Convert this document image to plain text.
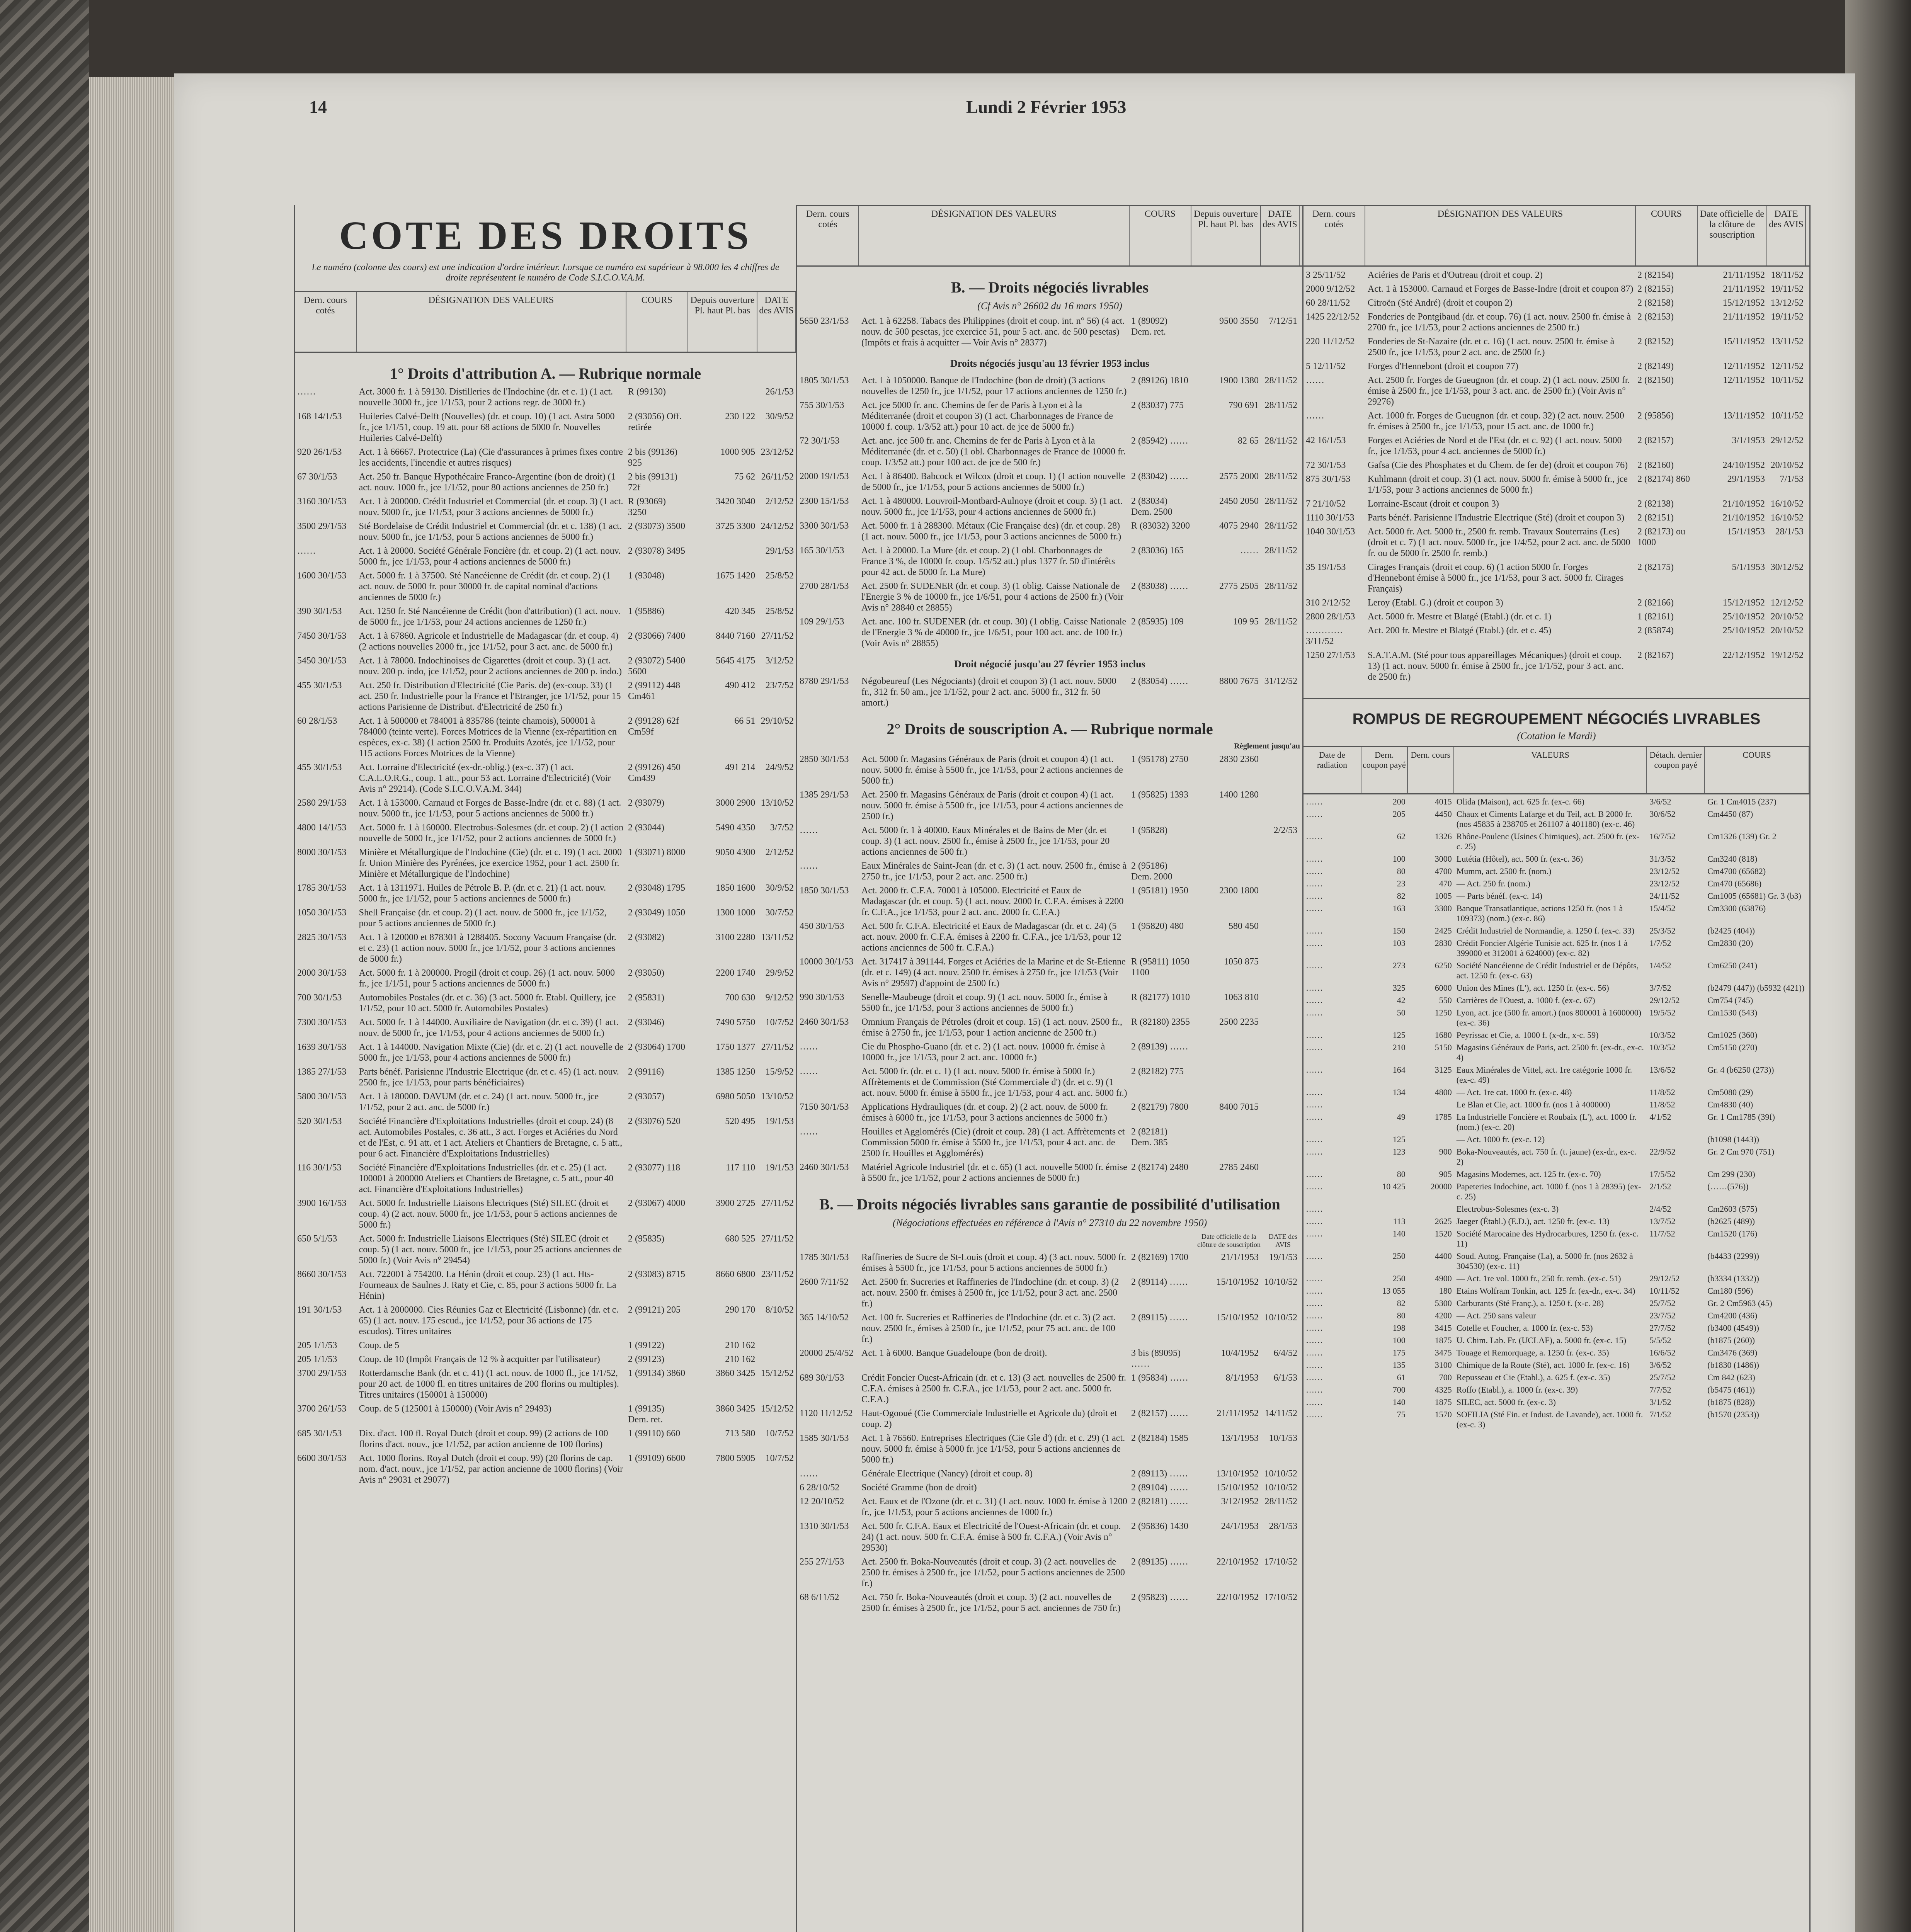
14	Lundi 2 Février 1953
COTE DES DROITS
Le numéro (colonne des cours) est une indication d'ordre intérieur. Lorsque ce numéro est supérieur à 98.000 les 4 chiffres de droite représentent le numéro de Code S.I.C.O.V.A.M.
Dern. cours cotés
DÉSIGNATION DES VALEURS	COURS	Depuis ouverture Pl. haut Pl. bas
DATE des AVIS
1° Droits d'attribution A. — Rubrique normale
……	Act. 3000 fr. 1 à 59130. Distilleries de l'Indochine (dr. et c. 1) (1 act. nouvelle 3000 fr., jce 1/1/53, pour 2 actions regr. de 3000 fr.)
R (99130)	26/1/53
168 14/1/53	Huileries Calvé-Delft (Nouvelles) (dr. et coup. 10) (1 act. Astra 5000 fr., jce 1/1/51, coup. 19 att. pour 68 actions de 5000 fr. Nouvelles Huileries Calvé-Delft)
2 (93056) Off. retirée
230 122	30/9/52
920 26/1/53	Act. 1 à 66667. Protectrice (La) (Cie d'assurances à primes fixes contre les accidents, l'incendie et autres risques)
2 bis (99136) 925
1000 905 23/12/52
67 30/1/53	Act. 250 fr. Banque Hypothécaire Franco-Argentine (bon de droit) (1 act. nouv. 1000 fr., jce 1/1/52, pour 80 actions anciennes de 250 fr.)
2 bis (99131) 72f
75 62 26/11/52
3160 30/1/53	Act. 1 à 200000. Crédit Industriel et Commercial (dr. et coup. 3) (1 act. nouv. 5000 fr., jce 1/1/53, pour 3 actions anciennes de 5000 fr.)
R (93069) 3250
3420 3040	2/12/52
3500 29/1/53	Sté Bordelaise de Crédit Industriel et Commercial (dr. et c. 138) (1 act. nouv. 5000 fr., jce 1/1/53, pour 5 actions anciennes de 5000 fr.)
2 (93073) 3500	3725 3300 24/12/52
……	Act. 1 à 20000. Société Générale Foncière (dr. et coup. 2) (1 act. nouv. 5000 fr., jce 1/1/53, pour 4 actions anciennes de 5000 fr.)
2 (93078) 3495	29/1/53
1600 30/1/53	Act. 5000 fr. 1 à 37500. Sté Nancéienne de Crédit (dr. et coup. 2) (1 act. nouv. de 5000 fr. pour 30000 fr. de capital nominal d'actions anciennes de 5000 fr.)
1 (93048)	1675 1420	25/8/52
390 30/1/53	Act. 1250 fr. Sté Nancéienne de Crédit (bon d'attribution) (1 act. nouv. de 5000 fr., jce 1/1/53, pour 24 actions anciennes de 1250 fr.)
1 (95886)	420 345	25/8/52
7450 30/1/53	Act. 1 à 67860. Agricole et Industrielle de Madagascar (dr. et coup. 4) (2 actions nouvelles 2000 fr., jce 1/1/52, pour 3 act. anc. de 5000 fr.)
2 (93066) 7400	8440 7160 27/11/52
5450 30/1/53	Act. 1 à 78000. Indochinoises de Cigarettes (droit et coup. 3) (1 act. nouv. 200 p. indo, jce 1/1/52, pour 2 actions anciennes de 200 p. indo.)
2 (93072) 5400 5600
5645 4175	3/12/52
455 30/1/53	Act. 250 fr. Distribution d'Electricité (Cie Paris. de) (ex-coup. 33) (1 act. 250 fr. Industrielle pour la France et l'Etranger, jce 1/1/52, pour 15 actions Parisienne de Distribut. d'Electricité de 250 fr.)
2 (99112) 448 Cm461
490 412	23/7/52
60 28/1/53	Act. 1 à 500000 et 784001 à 835786 (teinte chamois), 500001 à 784000 (teinte verte). Forces Motrices de la Vienne (ex-répartition en espèces, ex-c. 38) (1 action 2500 fr. Produits Azotés, jce 1/1/52, pour 115 actions Forces Motrices de la Vienne)
2 (99128) 62f Cm59f
66 51 29/10/52
455 30/1/53	Act. Lorraine d'Electricité (ex-dr.-oblig.) (ex-c. 37) (1 act. C.A.L.O.R.G., coup. 1 att., pour 53 act. Lorraine d'Electricité) (Voir Avis n° 29214). (Code S.I.C.O.V.A.M. 344)
2 (99126) 450 Cm439
491 214	24/9/52
2580 29/1/53	Act. 1 à 153000. Carnaud et Forges de Basse-Indre (dr. et c. 88) (1 act. nouv. 5000 fr., jce 1/1/53, pour 5 actions anciennes de 5000 fr.)
2 (93079)	3000 2900 13/10/52
4800 14/1/53	Act. 5000 fr. 1 à 160000. Electrobus-Solesmes (dr. et coup. 2) (1 action nouvelle de 5000 fr., jce 1/1/52, pour 2 actions anciennes de 5000 fr.)
2 (93044)	5490 4350	3/7/52
8000 30/1/53	Minière et Métallurgique de l'Indochine (Cie) (dr. et c. 19) (1 act. 2000 fr. Union Minière des Pyrénées, jce exercice 1952, pour 1 act. 2500 fr. Minière et Métallurgique de l'Indochine)
1 (93071) 8000	9050 4300	2/12/52
1785 30/1/53	Act. 1 à 1311971. Huiles de Pétrole B. P. (dr. et c. 21) (1 act. nouv. 5000 fr., jce 1/1/52, pour 5 actions anciennes de 5000 fr.)
2 (93048) 1795	1850 1600	30/9/52
1050 30/1/53	Shell Française (dr. et coup. 2) (1 act. nouv. de 5000 fr., jce 1/1/52, pour 5 actions anciennes de 5000 fr.)
2 (93049) 1050	1300 1000	30/7/52
2825 30/1/53	Act. 1 à 120000 et 878301 à 1288405. Socony Vacuum Française (dr. et c. 23) (1 action nouv. 5000 fr., jce 1/1/52, pour 3 actions anciennes de 5000 fr.)
2 (93082)	3100 2280 13/11/52
2000 30/1/53	Act. 5000 fr. 1 à 200000. Progil (droit et coup. 26) (1 act. nouv. 5000 fr., jce 1/1/51, pour 5 actions anciennes de 5000 fr.)
2 (93050)	2200 1740	29/9/52
700 30/1/53	Automobiles Postales (dr. et c. 36) (3 act. 5000 fr. Etabl. Quillery, jce 1/1/52, pour 10 act. 5000 fr. Automobiles Postales)
2 (95831)	700 630	9/12/52
7300 30/1/53	Act. 5000 fr. 1 à 144000. Auxiliaire de Navigation (dr. et c. 39) (1 act. nouv. de 5000 fr., jce 1/1/53, pour 4 actions anciennes de 5000 fr.)
2 (93046)	7490 5750	10/7/52
1639 30/1/53	Act. 1 à 144000. Navigation Mixte (Cie) (dr. et c. 2) (1 act. nouvelle de 5000 fr., jce 1/1/53, pour 4 actions anciennes de 5000 fr.)
2 (93064) 1700	1750 1377 27/11/52
1385 27/1/53	Parts bénéf. Parisienne l'Industrie Electrique (dr. et c. 45) (1 act. nouv. 2500 fr., jce 1/1/53, pour parts bénéficiaires)
2 (99116)	1385 1250	15/9/52
5800 30/1/53	Act. 1 à 180000. DAVUM (dr. et c. 24) (1 act. nouv. 5000 fr., jce 1/1/52, pour 2 act. anc. de 5000 fr.)
2 (93057)	6980 5050 13/10/52
520 30/1/53	Société Financière d'Exploitations Industrielles (droit et coup. 24) (8 act. Automobiles Postales, c. 36 att., 3 act. Forges et Aciéries du Nord et de l'Est, c. 91 att. et 1 act. Ateliers et Chantiers de Bretagne, c. 5 att., pour 6 act. Financière d'Exploitations Industrielles)
2 (93076) 520	520 495	19/1/53
116 30/1/53	Société Financière d'Exploitations Industrielles (dr. et c. 25) (1 act. 100001 à 200000 Ateliers et Chantiers de Bretagne, c. 5 att., pour 40 act. Financière d'Exploitations Industrielles)
2 (93077) 118	117 110	19/1/53
3900 16/1/53	Act. 5000 fr. Industrielle Liaisons Electriques (Sté) SILEC (droit et coup. 4) (2 act. nouv. 5000 fr., jce 1/1/53, pour 5 actions anciennes de 5000 fr.)
2 (93067) 4000	3900 2725 27/11/52
650 5/1/53	Act. 5000 fr. Industrielle Liaisons Electriques (Sté) SILEC (droit et coup. 5) (1 act. nouv. 5000 fr., jce 1/1/53, pour 25 actions anciennes de 5000 fr.) (Voir Avis n° 29454)
2 (95835)	680 525 27/11/52
8660 30/1/53	Act. 722001 à 754200. La Hénin (droit et coup. 23) (1 act. Hts-Fourneaux de Saulnes J. Raty et Cie, c. 85, pour 3 actions 5000 fr. La Hénin)
2 (93083) 8715	8660 6800 23/11/52
191 30/1/53	Act. 1 à 2000000. Cies Réunies Gaz et Electricité (Lisbonne) (dr. et c. 65) (1 act. nouv. 175 escud., jce 1/1/52, pour 36 actions de 175 escudos). Titres unitaires
2 (99121) 205	290 170	8/10/52
205 1/1/53	Coup. de 5	1 (99122)	210 162
205 1/1/53	Coup. de 10 (Impôt Français de 12 % à acquitter par l'utilisateur)	2 (99123)	210 162
3700 29/1/53	Rotterdamsche Bank (dr. et c. 41) (1 act. nouv. de 1000 fl., jce 1/1/52, pour 20 act. de 1000 fl. en titres unitaires de 200 florins ou multiples). Titres unitaires (150001 à 150000)
1 (99134) 3860	3860 3425 15/12/52
3700 26/1/53	Coup. de 5 (125001 à 150000) (Voir Avis n° 29493)	1 (99135) Dem. ret.
3860 3425 15/12/52
685 30/1/53	Dix. d'act. 100 fl. Royal Dutch (droit et coup. 99) (2 actions de 100 florins d'act. nouv., jce 1/1/52, par action ancienne de 100 florins)
1 (99110) 660	713 580	10/7/52
6600 30/1/53	Act. 1000 florins. Royal Dutch (droit et coup. 99) (20 florins de cap. nom. d'act. nouv., jce 1/1/52, par action ancienne de 1000 florins) (Voir Avis n° 29031 et 29077)
1 (99109) 6600	7800 5905	10/7/52
Dern. cours cotés
DÉSIGNATION DES VALEURS	COURS	Depuis ouverture Pl. haut Pl. bas
DATE des AVIS
B. — Droits négociés livrables
(Cf Avis n° 26602 du 16 mars 1950)
5650 23/1/53	Act. 1 à 62258. Tabacs des Philippines (droit et coup. int. n° 56) (4 act. nouv. de 500 pesetas, jce exercice 51, pour 5 act. anc. de 500 pesetas) (Impôts et frais à acquitter — Voir Avis n° 28377)
1 (89092) Dem. ret.
9500 3550	7/12/51
Droits négociés jusqu'au 13 février 1953 inclus
1805 30/1/53	Act. 1 à 1050000. Banque de l'Indochine (bon de droit) (3 actions nouvelles de 1250 fr., jce 1/1/52, pour 17 actions anciennes de 1250 fr.)
2 (89126) 1810	1900 1380 28/11/52
755 30/1/53	Act. jce 5000 fr. anc. Chemins de fer de Paris à Lyon et à la Méditerranée (droit et coupon 3) (1 act. Charbonnages de France de 10000 f. coup. 1/3/52 att.) pour 10 act. de jce de 5000 fr.)
2 (83037) 775	790 691 28/11/52
72 30/1/53	Act. anc. jce 500 fr. anc. Chemins de fer de Paris à Lyon et à la Méditerranée (dr. et c. 50) (1 obl. Charbonnages de France de 10000 fr. coup. 1/3/52 att.) pour 100 act. de jce de 500 fr.)
2 (85942) ……	82 65 28/11/52
2000 19/1/53	Act. 1 à 86400. Babcock et Wilcox (droit et coup. 1) (1 action nouvelle de 5000 fr., jce 1/1/53, pour 5 actions anciennes de 5000 fr.)
2 (83042) ……	2575 2000 28/11/52
2300 15/1/53	Act. 1 à 480000. Louvroil-Montbard-Aulnoye (droit et coup. 3) (1 act. nouv. 5000 fr., jce 1/1/53, pour 4 actions anciennes de 5000 fr.)
2 (83034) Dem. 2500
2450 2050 28/11/52
3300 30/1/53	Act. 5000 fr. 1 à 288300. Métaux (Cie Française des) (dr. et coup. 28) (1 act. nouv. 5000 fr., jce 1/1/53, pour 3 actions anciennes de 5000 fr.)
R (83032) 3200	4075 2940 28/11/52
165 30/1/53	Act. 1 à 20000. La Mure (dr. et coup. 2) (1 obl. Charbonnages de France 3 %, de 10000 fr. coup. 1/5/52 att.) plus 1377 fr. 50 d'intérêts pour 42 act. de 5000 fr. La Mure)
2 (83036) 165	…… 28/11/52
2700 28/1/53	Act. 2500 fr. SUDENER (dr. et coup. 3) (1 oblig. Caisse Nationale de l'Energie 3 % de 10000 fr., jce 1/6/51, pour 4 actions de 2500 fr.) (Voir Avis n° 28840 et 28855)
2 (83038) ……	2775 2505 28/11/52
109 29/1/53	Act. anc. 100 fr. SUDENER (dr. et coup. 30) (1 oblig. Caisse Nationale de l'Energie 3 % de 40000 fr., jce 1/6/51, pour 100 act. anc. de 100 fr.) (Voir Avis n° 28855)
2 (85935) 109	109 95 28/11/52
Droit négocié jusqu'au 27 février 1953 inclus
8780 29/1/53	Négobeureuf (Les Négociants) (droit et coupon 3) (1 act. nouv. 5000 fr., 312 fr. 50 am., jce 1/1/52, pour 2 act. anc. 5000 fr., 312 fr. 50 amort.)
2 (83054) ……	8800 7675 31/12/52
2° Droits de souscription A. — Rubrique normale
Règlement jusqu'au
2850 30/1/53	Act. 5000 fr. Magasins Généraux de Paris (droit et coupon 4) (1 act. nouv. 5000 fr. émise à 5500 fr., jce 1/1/53, pour 2 actions anciennes de 5000 fr.)
1 (95178) 2750	2830 2360
1385 29/1/53	Act. 2500 fr. Magasins Généraux de Paris (droit et coupon 4) (1 act. nouv. 5000 fr. émise à 5500 fr., jce 1/1/53, pour 4 actions anciennes de 2500 fr.)
1 (95825) 1393	1400 1280
……	Act. 5000 fr. 1 à 40000. Eaux Minérales et de Bains de Mer (dr. et coup. 3) (1 act. nouv. 2500 fr., émise à 2500 fr., jce 1/1/53, pour 20 actions anciennes de 500 fr.)
1 (95828)	2/2/53
……	Eaux Minérales de Saint-Jean (dr. et c. 3) (1 act. nouv. 2500 fr., émise à 2750 fr., jce 1/1/53, pour 2 act. anc. 2500 fr.)
2 (95186) Dem. 2000
1850 30/1/53	Act. 2000 fr. C.F.A. 70001 à 105000. Electricité et Eaux de Madagascar (dr. et coup. 5) (1 act. nouv. 2000 fr. C.F.A. émises à 2200 fr. C.F.A., jce 1/1/53, pour 2 act. anc. 2000 fr. C.F.A.)
1 (95181) 1950	2300 1800
450 30/1/53	Act. 500 fr. C.F.A. Electricité et Eaux de Madagascar (dr. et c. 24) (5 act. nouv. 2000 fr. C.F.A. émises à 2200 fr. C.F.A., jce 1/1/53, pour 12 actions anciennes de 500 fr. C.F.A.)
1 (95820) 480	580 450
10000 30/1/53 Act. 317417 à 391144. Forges et Aciéries de la Marine et de St-Etienne (dr. et c. 149) (4 act. nouv. 2500 fr. émises à 2750 fr., jce 1/1/53 (Voir Avis n° 29597) d'appoint de 2500 fr.)
R (95811) 1050 1100
1050 875
990 30/1/53	Senelle-Maubeuge (droit et coup. 9) (1 act. nouv. 5000 fr., émise à 5500 fr., jce 1/1/53, pour 3 actions anciennes de 5000 fr.)
R (82177) 1010	1063 810
2460 30/1/53	Omnium Français de Pétroles (droit et coup. 15) (1 act. nouv. 2500 fr., émise à 2750 fr., jce 1/1/53, pour 1 action ancienne de 2500 fr.)
R (82180) 2355	2500 2235
……	Cie du Phospho-Guano (dr. et c. 2) (1 act. nouv. 10000 fr. émise à 10000 fr., jce 1/1/53, pour 2 act. anc. 10000 fr.)
2 (89139) ……
……	Act. 5000 fr. (dr. et c. 1) (1 act. nouv. 5000 fr. émise à 5000 fr.) Affrètements et de Commission (Sté Commerciale d') (dr. et c. 9) (1 act. nouv. 5000 fr. émise à 5500 fr., jce 1/1/53, pour 4 act. anc. 5000 fr.)
2 (82182) 775
7150 30/1/53	Applications Hydrauliques (dr. et coup. 2) (2 act. nouv. de 5000 fr. émises à 6000 fr., jce 1/1/53, pour 3 actions anciennes de 5000 fr.)
2 (82179) 7800	8400 7015
……	Houilles et Agglomérés (Cie) (droit et coup. 28) (1 act. Affrètements et Commission 5000 fr. émise à 5500 fr., jce 1/1/53, pour 4 act. anc. de 2500 fr. Houilles et Agglomérés)
2 (82181) Dem. 385
2460 30/1/53	Matériel Agricole Industriel (dr. et c. 65) (1 act. nouvelle 5000 fr. émise à 5500 fr., jce 1/1/52, pour 2 actions anciennes de 5000 fr.)
2 (82174) 2480	2785 2460
B. — Droits négociés livrables sans garantie de possibilité d'utilisation
(Négociations effectuées en référence à l'Avis n° 27310 du 22 novembre 1950)
Date officielle de la clôture de souscription
DATE des AVIS
1785 30/1/53	Raffineries de Sucre de St-Louis (droit et coup. 4) (3 act. nouv. 5000 fr. émises à 5500 fr., jce 1/1/53, pour 5 actions anciennes de 5000 fr.)
2 (82169) 1700	21/1/1953	19/1/53
2600 7/11/52	Act. 2500 fr. Sucreries et Raffineries de l'Indochine (dr. et coup. 3) (2 act. nouv. 2500 fr. émises à 2500 fr., jce 1/1/52, pour 3 act. anc. 2500 fr.)
2 (89114) ……	15/10/1952 10/10/52
365 14/10/52	Act. 100 fr. Sucreries et Raffineries de l'Indochine (dr. et c. 3) (2 act. nouv. 2500 fr., émises à 2500 fr., jce 1/1/52, pour 75 act. anc. de 100 fr.)
2 (89115) ……	15/10/1952 10/10/52
20000 25/4/52 Act. 1 à 6000. Banque Guadeloupe (bon de droit).	3 bis (89095) ……
10/4/1952	6/4/52
689 30/1/53	Crédit Foncier Ouest-Africain (dr. et c. 13) (3 act. nouvelles de 2500 fr. C.F.A. émises à 2500 fr. C.F.A., jce 1/1/53, pour 2 act. anc. 5000 fr. C.F.A.)
1 (95834) ……	8/1/1953	6/1/53
1120 11/12/52 Haut-Ogooué (Cie Commerciale Industrielle et Agricole du) (droit et coup. 2)
2 (82157) ……	21/11/1952 14/11/52
1585 30/1/53	Act. 1 à 76560. Entreprises Electriques (Cie Gle d') (dr. et c. 29) (1 act. nouv. 5000 fr. émise à 5000 fr. jce 1/1/53, pour 5 actions anciennes de 5000 fr.)
2 (82184) 1585	13/1/1953	10/1/53
……	Générale Electrique (Nancy) (droit et coup. 8)	2 (89113) ……	13/10/1952 10/10/52
6 28/10/52	Société Gramme (bon de droit)	2 (89104) ……	15/10/1952 10/10/52
12 20/10/52	Act. Eaux et de l'Ozone (dr. et c. 31) (1 act. nouv. 1000 fr. émise à 1200 fr., jce 1/1/53, pour 5 actions anciennes de 1000 fr.)
2 (82181) ……	3/12/1952 28/11/52
1310 30/1/53	Act. 500 fr. C.F.A. Eaux et Electricité de l'Ouest-Africain (dr. et coup. 24) (1 act. nouv. 500 fr. C.F.A. émise à 500 fr. C.F.A.) (Voir Avis n° 29530)
2 (95836) 1430	24/1/1953	28/1/53
255 27/1/53	Act. 2500 fr. Boka-Nouveautés (droit et coup. 3) (2 act. nouvelles de 2500 fr. émises à 2500 fr., jce 1/1/52, pour 5 actions anciennes de 2500 fr.)
2 (89135) ……	22/10/1952 17/10/52
68 6/11/52	Act. 750 fr. Boka-Nouveautés (droit et coup. 3) (2 act. nouvelles de 2500 fr. émises à 2500 fr., jce 1/1/52, pour 5 act. anciennes de 750 fr.)
2 (95823) ……	22/10/1952 17/10/52
Dern. cours cotés
DÉSIGNATION DES VALEURS	COURS	Date officielle de la clôture de souscription
DATE des AVIS
3 25/11/52	Aciéries de Paris et d'Outreau (droit et coup. 2)	2 (82154)	21/11/1952 18/11/52
2000 9/12/52	Act. 1 à 153000. Carnaud et Forges de Basse-Indre (droit et coupon 87) 2 (82155)	21/11/1952 19/11/52
60 28/11/52	Citroën (Sté André) (droit et coupon 2)	2 (82158)	15/12/1952 13/12/52
1425 22/12/52 Fonderies de Pontgibaud (dr. et coup. 76) (1 act. nouv. 2500 fr. émise à 2700 fr., jce 1/1/53, pour 2 actions anciennes de 2500 fr.)
2 (82153)	21/11/1952 19/11/52
220 11/12/52	Fonderies de St-Nazaire (dr. et c. 16) (1 act. nouv. 2500 fr. émise à 2500 fr., jce 1/1/53, pour 2 act. anc. de 2500 fr.)
2 (82152)	15/11/1952 13/11/52
5 12/11/52	Forges d'Hennebont (droit et coupon 77)	2 (82149)	12/11/1952 12/11/52
……	Act. 2500 fr. Forges de Gueugnon (dr. et coup. 2) (1 act. nouv. 2500 fr. émise à 2500 fr., jce 1/1/53, pour 3 act. anc. de 2500 fr.) (Voir Avis n° 29276)
2 (82150)	12/11/1952 10/11/52
……	Act. 1000 fr. Forges de Gueugnon (dr. et coup. 32) (2 act. nouv. 2500 fr. émises à 2500 fr., jce 1/1/53, pour 15 act. anc. de 1000 fr.)
2 (95856)	13/11/1952 10/11/52
42 16/1/53	Forges et Aciéries de Nord et de l'Est (dr. et c. 92) (1 act. nouv. 5000 fr., jce 1/1/53, pour 4 act. anciennes de 5000 fr.)
2 (82157)	3/1/1953 29/12/52
72 30/1/53	Gafsa (Cie des Phosphates et du Chem. de fer de) (droit et coupon 76)	2 (82160)	24/10/1952 20/10/52
875 30/1/53	Kuhlmann (droit et coup. 3) (1 act. nouv. 5000 fr. émise à 5000 fr., jce 1/1/53, pour 3 actions anciennes de 5000 fr.)
2 (82174) 860	29/1/1953	7/1/53
7 21/10/52	Lorraine-Escaut (droit et coupon 3)	2 (82138)	21/10/1952 16/10/52
1110 30/1/53	Parts bénéf. Parisienne l'Industrie Electrique (Sté) (droit et coupon 3)	2 (82151)	21/10/1952 16/10/52
1040 30/1/53	Act. 5000 fr. Act. 5000 fr., 2500 fr. remb. Travaux Souterrains (Les) (droit et c. 7) (1 act. nouv. 5000 fr., jce 1/4/52, pour 2 act. anc. de 5000 fr. ou de 5000 fr. 2500 fr. remb.)
2 (82173) ou 1000
15/1/1953	28/1/53
35 19/1/53	Cirages Français (droit et coup. 6) (1 action 5000 fr. Forges d'Hennebont émise à 5000 fr., jce 1/1/53, pour 3 act. 5000 fr. Cirages Français)
2 (82175)	5/1/1953 30/12/52
310 2/12/52	Leroy (Etabl. G.) (droit et coupon 3)	2 (82166)	15/12/1952 12/12/52
2800 28/1/53	Act. 5000 fr. Mestre et Blatgé (Etabl.) (dr. et c. 1)	1 (82161)	25/10/1952 20/10/52
………… 3/11/52
Act. 200 fr. Mestre et Blatgé (Etabl.) (dr. et c. 45)	2 (85874)	25/10/1952 20/10/52
1250 27/1/53	S.A.T.A.M. (Sté pour tous appareillages Mécaniques) (droit et coup. 13) (1 act. nouv. 5000 fr. émise à 2500 fr., jce 1/1/52, pour 3 act. anc. de 2500 fr.)
2 (82167)	22/12/1952 19/12/52
ROMPUS DE REGROUPEMENT NÉGOCIÉS LIVRABLES
(Cotation le Mardi)
Date de radiation
Dern. coupon payé
Dern. cours	VALEURS	Détach. dernier coupon payé
COURS
……	200	4015 Olida (Maison), act. 625 fr. (ex-c. 66)	3/6/52	Gr. 1 Cm4015 (237)
……	205	4450 Chaux et Ciments Lafarge et du Teil, act. B 2000 fr. (nos 45835 à 238705 et 261107 à 401180) (ex-c. 46)
30/6/52	Cm4450 (87)
……	62	1326 Rhône-Poulenc (Usines Chimiques), act. 2500 fr. (ex-c. 25)
16/7/52	Cm1326 (139) Gr. 2
……	100	3000 Lutétia (Hôtel), act. 500 fr. (ex-c. 36)	31/3/52	Cm3240 (818)
……	80	4700 Mumm, act. 2500 fr. (nom.)	23/12/52	Cm4700 (65682)
……	23	470 — Act. 250 fr. (nom.)	23/12/52	Cm470 (65686)
……	82	1005 — Parts bénéf. (ex-c. 14)	24/11/52	Cm1005 (65681) Gr. 3 (b3)
……	163	3300 Banque Transatlantique, actions 1250 fr. (nos 1 à 109373) (nom.) (ex-c. 86)
15/4/52	Cm3300 (63876)
……	150	2425 Crédit Industriel de Normandie, a. 1250 f. (ex-c. 33)	25/3/52	(b2425 (404))
……	103	2830 Crédit Foncier Algérie Tunisie act. 625 fr. (nos 1 à 399000 et 312001 à 624000) (ex-c. 82)
1/7/52	Cm2830 (20)
……	273	6250 Société Nancéienne de Crédit Industriel et de Dépôts, act. 1250 fr. (ex-c. 63)
1/4/52	Cm6250 (241)
……	325	6000 Union des Mines (L'), act. 1250 fr. (ex-c. 56)	3/7/52	(b2479 (447)) (b5932 (421))
……	42	550 Carrières de l'Ouest, a. 1000 f. (ex-c. 67)	29/12/52	Cm754 (745)
……	50	1250 Lyon, act. jce (500 fr. amort.) (nos 800001 à 1600000) (ex-c. 36)
19/5/52	Cm1530 (543)
……	125	1680 Peyrissac et Cie, a. 1000 f. (x-dr., x-c. 59)	10/3/52	Cm1025 (360)
……	210	5150 Magasins Généraux de Paris, act. 2500 fr. (ex-dr., ex-c. 4)
10/3/52	Cm5150 (270)
……	164	3125 Eaux Minérales de Vittel, act. 1re catégorie 1000 fr. (ex-c. 49)
13/6/52	Gr. 4 (b6250 (273))
……	134	4800 — Act. 1re cat. 1000 fr. (ex-c. 48)	11/8/52	Cm5080 (29)
……	Le Blan et Cie, act. 1000 fr. (nos 1 à 400000)	11/8/52	Cm4830 (40)
……	49	1785 La Industrielle Foncière et Roubaix (L'), act. 1000 fr. (nom.) (ex-c. 20)
4/1/52	Gr. 1 Cm1785 (39f)
……	125	— Act. 1000 fr. (ex-c. 12)	(b1098 (1443))
……	123	900 Boka-Nouveautés, act. 750 fr. (t. jaune) (ex-dr., ex-c. 2)
22/9/52	Gr. 2 Cm 970 (751)
……	80	905 Magasins Modernes, act. 125 fr. (ex-c. 70)	17/5/52	Cm 299 (230)
……	10 425	20000 Papeteries Indochine, act. 1000 f. (nos 1 à 28395) (ex-c. 25)
2/1/52	(……(576))
……	Electrobus-Solesmes (ex-c. 3)	2/4/52	Cm2603 (575)
……	113	2625 Jaeger (Établ.) (E.D.), act. 1250 fr. (ex-c. 13)	13/7/52	(b2625 (489))
……	140	1520 Société Marocaine des Hydrocarbures, 1250 fr. (ex-c. 11)
11/7/52	Cm1520 (176)
……	250	4400 Soud. Autog. Française (La), a. 5000 fr. (nos 2632 à 304530) (ex-c. 11)
(b4433 (2299))
……	250	4900 — Act. 1re vol. 1000 fr., 250 fr. remb. (ex-c. 51)	29/12/52	(b3334 (1332))
……	13 055	180 Etains Wolfram Tonkin, act. 125 fr. (ex-dr., ex-c. 34)	10/11/52	Cm180 (596)
……	82	5300 Carburants (Sté Franç.), a. 1250 f. (x-c. 28)	25/7/52	Gr. 2 Cm5963 (45)
……	80	4200 — Act. 250 sans valeur	23/7/52	Cm4200 (436)
……	198	3415 Cotelle et Foucher, a. 1000 fr. (ex-c. 53)	27/7/52	(b3400 (4549))
……	100	1875 U. Chim. Lab. Fr. (UCLAF), a. 5000 fr. (ex-c. 15)	5/5/52	(b1875 (260))
……	175	3475 Touage et Remorquage, a. 1250 fr. (ex-c. 35)	16/6/52	Cm3476 (369)
……	135	3100 Chimique de la Route (Sté), act. 1000 fr. (ex-c. 16)	3/6/52	(b1830 (1486))
……	61	700 Repusseau et Cie (Etabl.), a. 625 f. (ex-c. 35)	25/7/52	Cm 842 (623)
……	700	4325 Roffo (Etabl.), a. 1000 fr. (ex-c. 39)	7/7/52	(b5475 (461))
……	140	1875 SILEC, act. 5000 fr. (ex-c. 3)	3/1/52	(b1875 (828))
……	75	1570 SOFILIA (Sté Fin. et Indust. de Lavande), act. 1000 fr. (ex-c. 3)
7/1/52	(b1570 (2353))
